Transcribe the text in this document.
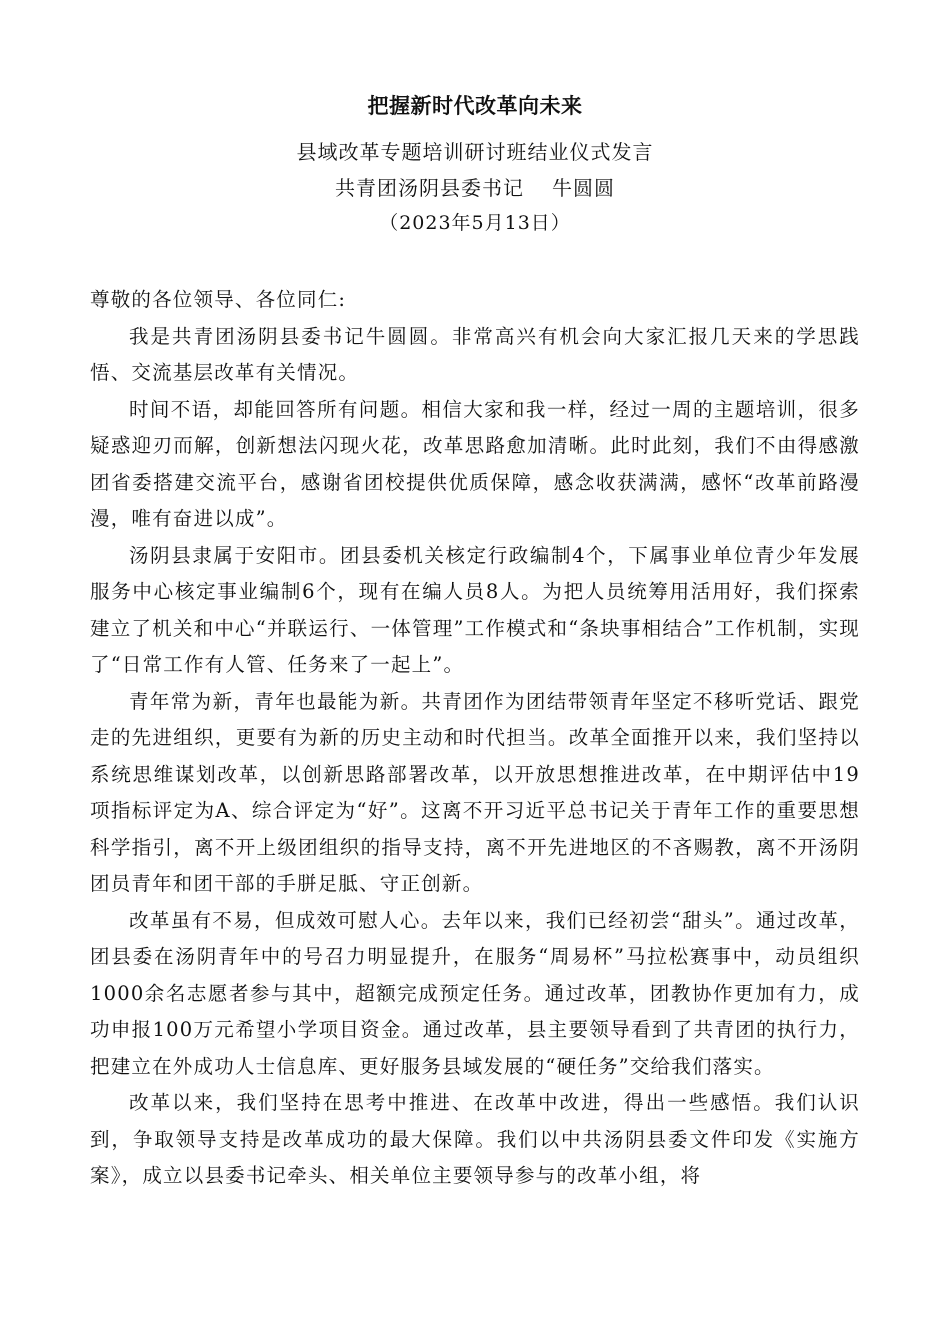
把握新时代改革向未来
县域改革专题培训研讨班结业仪式发言
共青团汤阴县委书记 牛圆圆
（2023年5月13日）

尊敬的各位领导、各位同仁:

我是共青团汤阴县委书记牛圆圆。非常高兴有机会向大家汇报几天来的学思践悟、交流基层改革有关情况。

时间不语，却能回答所有问题。相信大家和我一样，经过一周的主题培训，很多疑惑迎刃而解，创新想法闪现火花，改革思路愈加清晰。此时此刻，我们不由得感激团省委搭建交流平台，感谢省团校提供优质保障，感念收获满满，感怀“改革前路漫漫，唯有奋进以成”。

汤阴县隶属于安阳市。团县委机关核定行政编制4个，下属事业单位青少年发展服务中心核定事业编制6个，现有在编人员8人。为把人员统筹用活用好，我们探索建立了机关和中心“并联运行、一体管理”工作模式和“条块事相结合”工作机制，实现了“日常工作有人管、任务来了一起上”。

青年常为新，青年也最能为新。共青团作为团结带领青年坚定不移听党话、跟党走的先进组织，更要有为新的历史主动和时代担当。改革全面推开以来，我们坚持以系统思维谋划改革，以创新思路部署改革，以开放思想推进改革，在中期评估中19项指标评定为A、综合评定为“好”。这离不开习近平总书记关于青年工作的重要思想科学指引，离不开上级团组织的指导支持，离不开先进地区的不吝赐教，离不开汤阴团员青年和团干部的手胼足胝、守正创新。

改革虽有不易，但成效可慰人心。去年以来，我们已经初尝“甜头”。通过改革，团县委在汤阴青年中的号召力明显提升，在服务“周易杯”马拉松赛事中，动员组织1000余名志愿者参与其中，超额完成预定任务。通过改革，团教协作更加有力，成功申报100万元希望小学项目资金。通过改革，县主要领导看到了共青团的执行力，把建立在外成功人士信息库、更好服务县域发展的“硬任务”交给我们落实。

改革以来，我们坚持在思考中推进、在改革中改进，得出一些感悟。我们认识到，争取领导支持是改革成功的最大保障。我们以中共汤阴县委文件印发《实施方案》，成立以县委书记牵头、相关单位主要领导参与的改革小组，将
